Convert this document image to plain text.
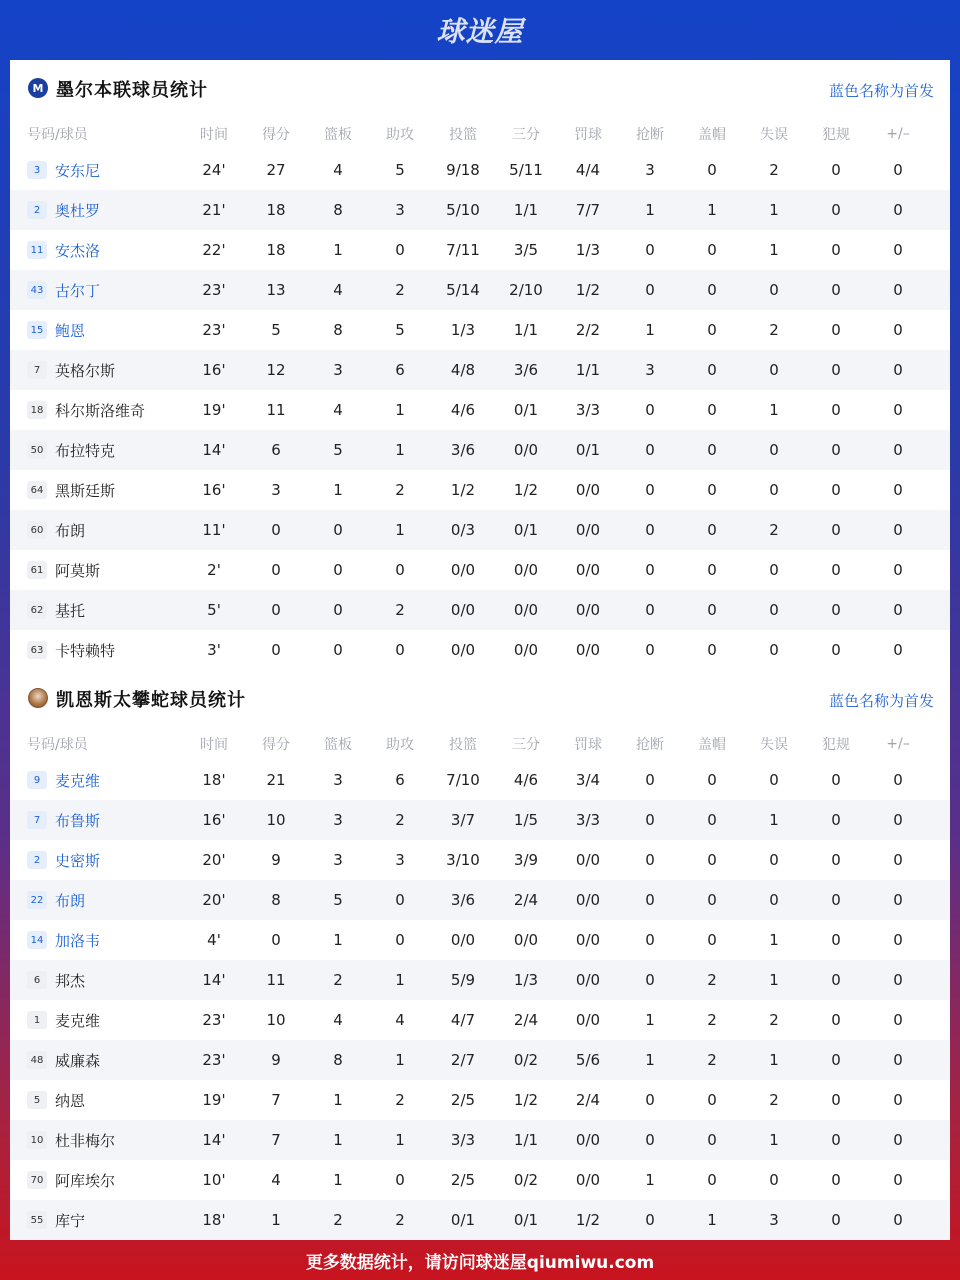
球迷屋
M 墨尔本联球员统计	蓝色名称为首发
号码/球员	时间	得分	篮板	助攻	投篮	三分	罚球	抢断	盖帽	失误	犯规	+/–
3 安东尼	24'	27	4	5	9/18	5/11	4/4	3	0	2	0	0
2 奥杜罗	21'	18	8	3	5/10	1/1	7/7	1	1	1	0	0
11 安杰洛	22'	18	1	0	7/11	3/5	1/3	0	0	1	0	0
43 古尔丁	23'	13	4	2	5/14	2/10	1/2	0	0	0	0	0
15 鲍恩	23'	5	8	5	1/3	1/1	2/2	1	0	2	0	0
7 英格尔斯	16'	12	3	6	4/8	3/6	1/1	3	0	0	0	0
18 科尔斯洛维奇	19'	11	4	1	4/6	0/1	3/3	0	0	1	0	0
50 布拉特克	14'	6	5	1	3/6	0/0	0/1	0	0	0	0	0
64 黑斯廷斯	16'	3	1	2	1/2	1/2	0/0	0	0	0	0	0
60 布朗	11'	0	0	1	0/3	0/1	0/0	0	0	2	0	0
61 阿莫斯	2'	0	0	0	0/0	0/0	0/0	0	0	0	0	0
62 基托	5'	0	0	2	0/0	0/0	0/0	0	0	0	0	0
63 卡特赖特	3'	0	0	0	0/0	0/0	0/0	0	0	0	0	0
凯恩斯太攀蛇球员统计	蓝色名称为首发
号码/球员	时间	得分	篮板	助攻	投篮	三分	罚球	抢断	盖帽	失误	犯规	+/–
9 麦克维	18'	21	3	6	7/10	4/6	3/4	0	0	0	0	0
7 布鲁斯	16'	10	3	2	3/7	1/5	3/3	0	0	1	0	0
2 史密斯	20'	9	3	3	3/10	3/9	0/0	0	0	0	0	0
22 布朗	20'	8	5	0	3/6	2/4	0/0	0	0	0	0	0
14 加洛韦	4'	0	1	0	0/0	0/0	0/0	0	0	1	0	0
6 邦杰	14'	11	2	1	5/9	1/3	0/0	0	2	1	0	0
1 麦克维	23'	10	4	4	4/7	2/4	0/0	1	2	2	0	0
48 威廉森	23'	9	8	1	2/7	0/2	5/6	1	2	1	0	0
5 纳恩	19'	7	1	2	2/5	1/2	2/4	0	0	2	0	0
10 杜非梅尔	14'	7	1	1	3/3	1/1	0/0	0	0	1	0	0
70 阿库埃尔	10'	4	1	0	2/5	0/2	0/0	1	0	0	0	0
55 库宁	18'	1	2	2	0/1	0/1	1/2	0	1	3	0	0
更多数据统计，请访问球迷屋qiumiwu.com
